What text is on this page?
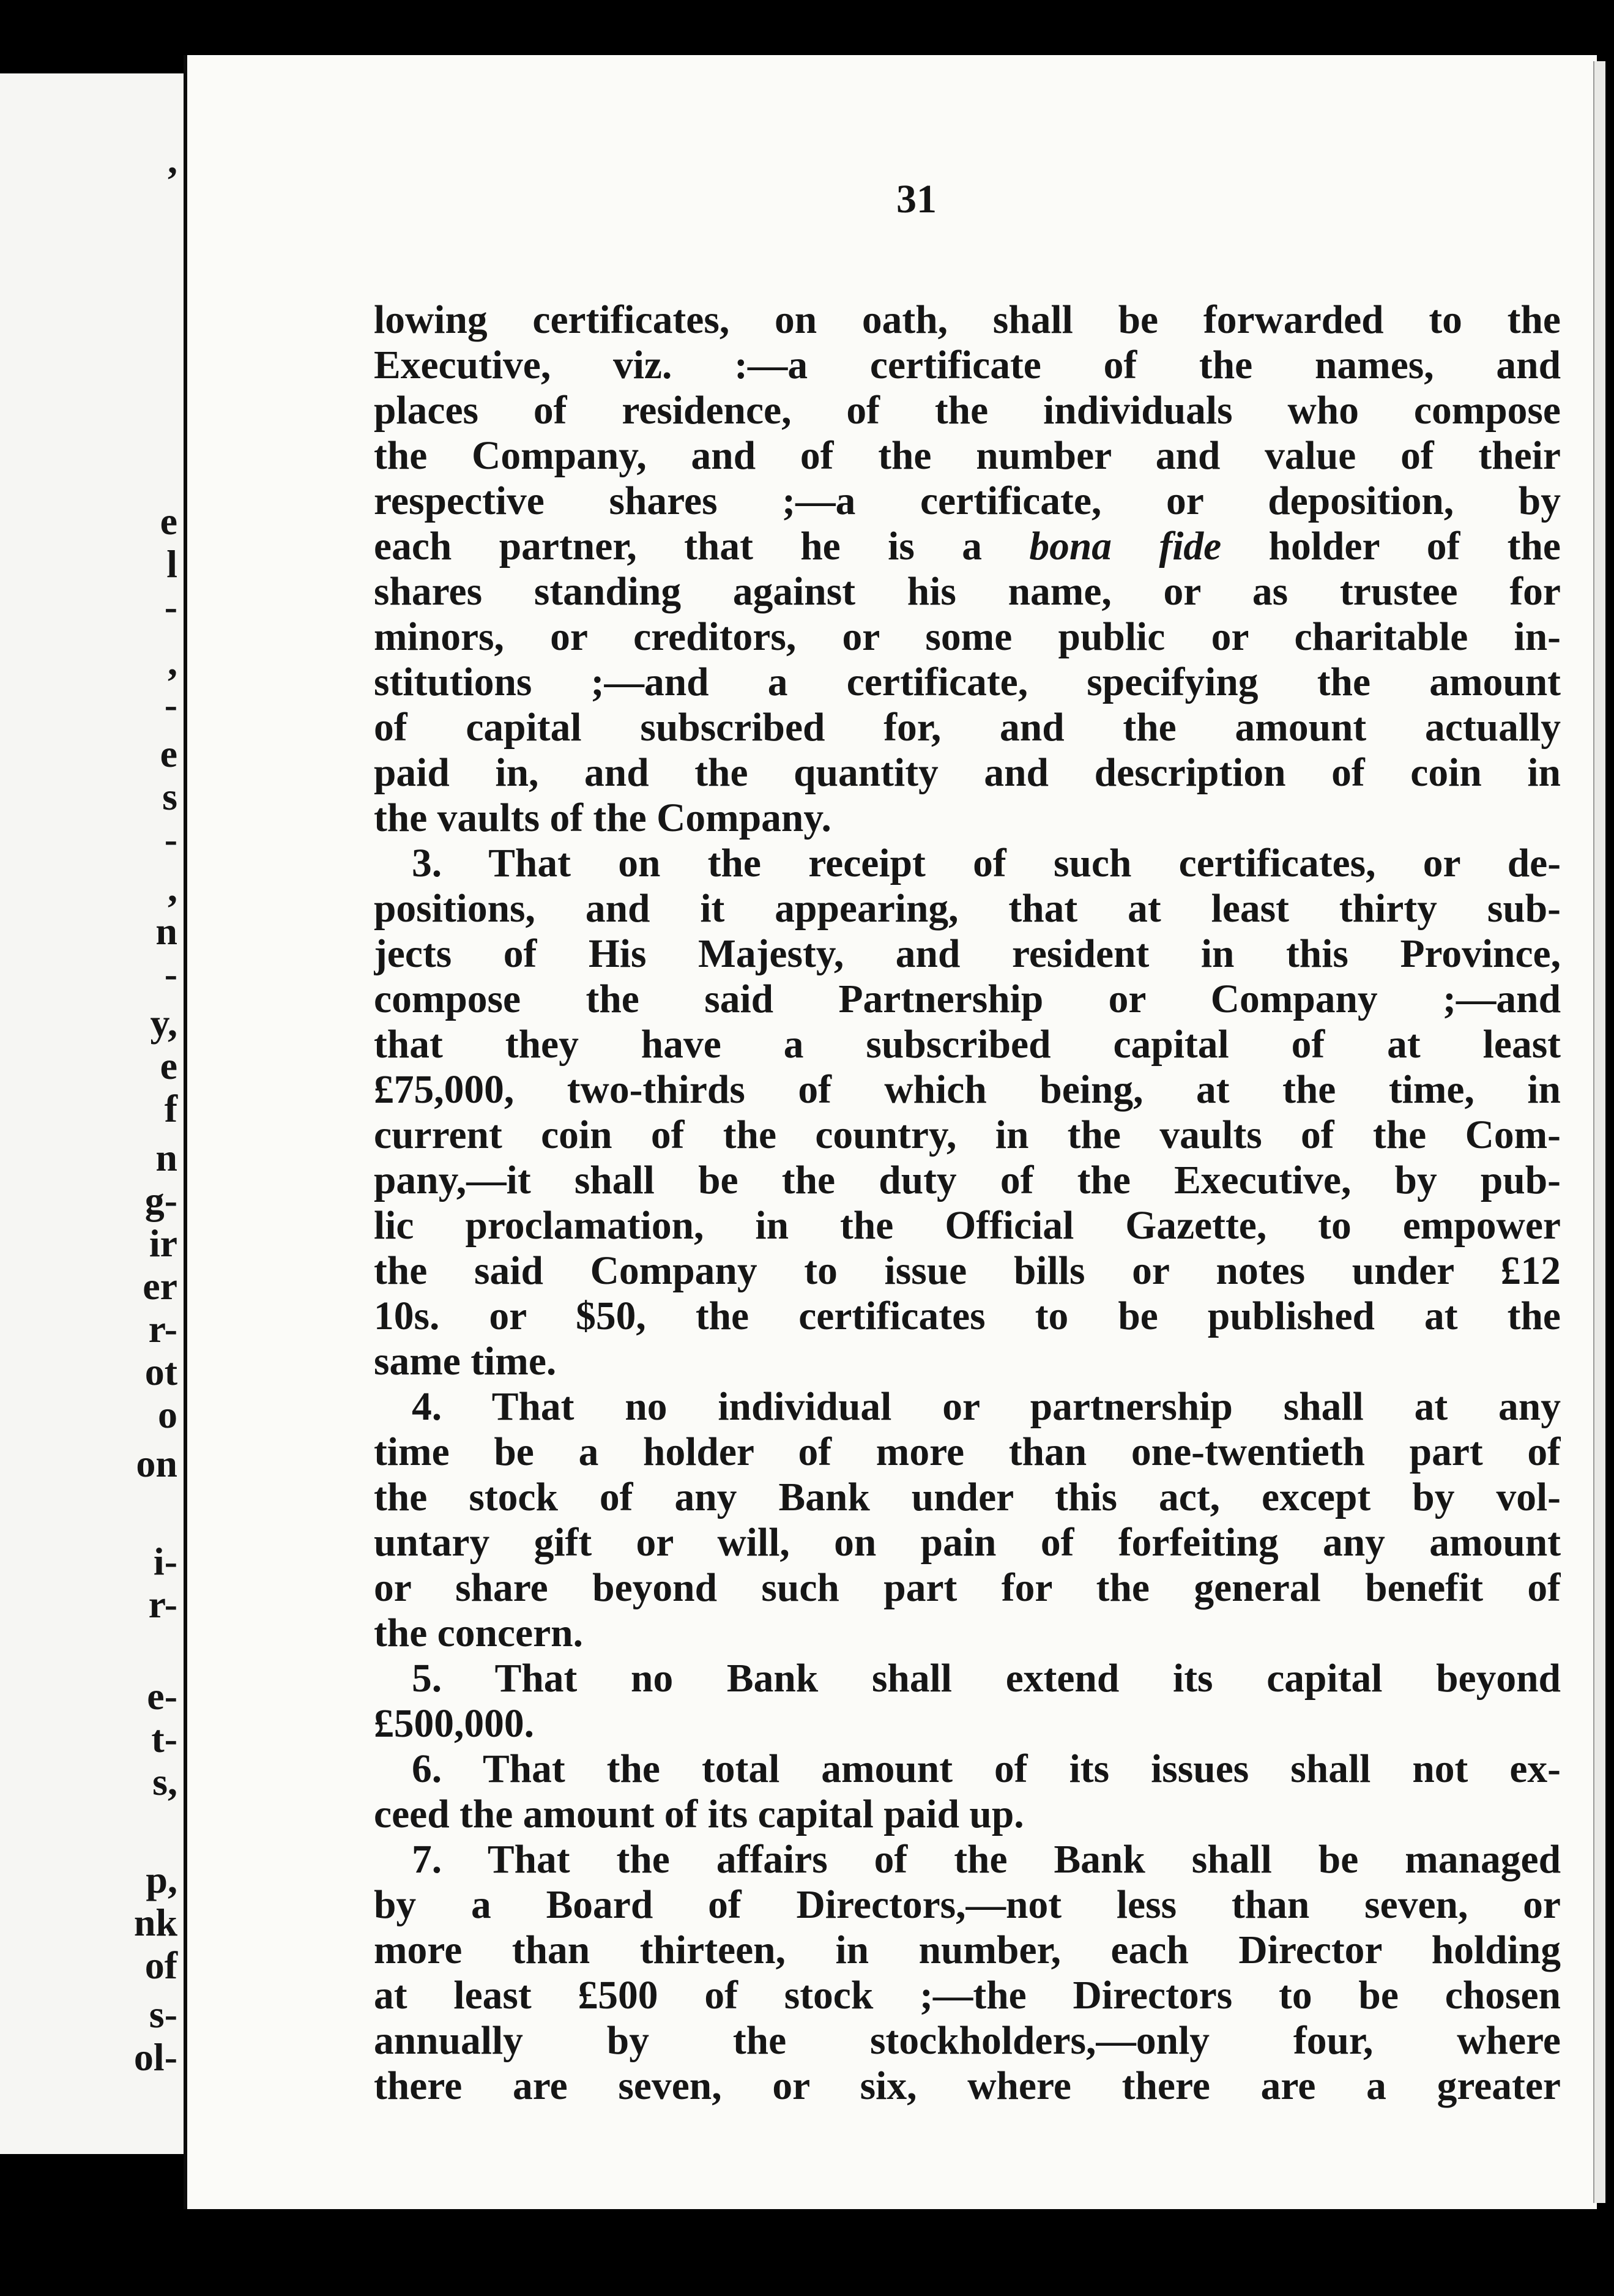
,
e
l
-
,
-
e
s
-
,
n
-
y,
e
f
n
g-
ir
er
r-
ot
o
on
i-
r-
e-
t-
s,
p,
nk
of
s-
ol-
31
lowing certificates, on oath, shall be forwarded to the
Executive, viz. :—a certificate of the names, and
places of residence, of the individuals who compose
the Company, and of the number and value of their
respective shares ;—a certificate, or deposition, by
each partner, that he is a bona fide holder of the
shares standing against his name, or as trustee for
minors, or creditors, or some public or charitable in-
stitutions ;—and a certificate, specifying the amount
of capital subscribed for, and the amount actually
paid in, and the quantity and description of coin in
the vaults of the Company.
3. That on the receipt of such certificates, or de-
positions, and it appearing, that at least thirty sub-
jects of His Majesty, and resident in this Province,
compose the said Partnership or Company ;—and
that they have a subscribed capital of at least
£75,000, two-thirds of which being, at the time, in
current coin of the country, in the vaults of the Com-
pany,—it shall be the duty of the Executive, by pub-
lic proclamation, in the Official Gazette, to empower
the said Company to issue bills or notes under £12
10s. or $50, the certificates to be published at the
same time.
4. That no individual or partnership shall at any
time be a holder of more than one-twentieth part of
the stock of any Bank under this act, except by vol-
untary gift or will, on pain of forfeiting any amount
or share beyond such part for the general benefit of
the concern.
5. That no Bank shall extend its capital beyond
£500,000.
6. That the total amount of its issues shall not ex-
ceed the amount of its capital paid up.
7. That the affairs of the Bank shall be managed
by a Board of Directors,—not less than seven, or
more than thirteen, in number, each Director holding
at least £500 of stock ;—the Directors to be chosen
annually by the stockholders,—only four, where
there are seven, or six, where there are a greater
